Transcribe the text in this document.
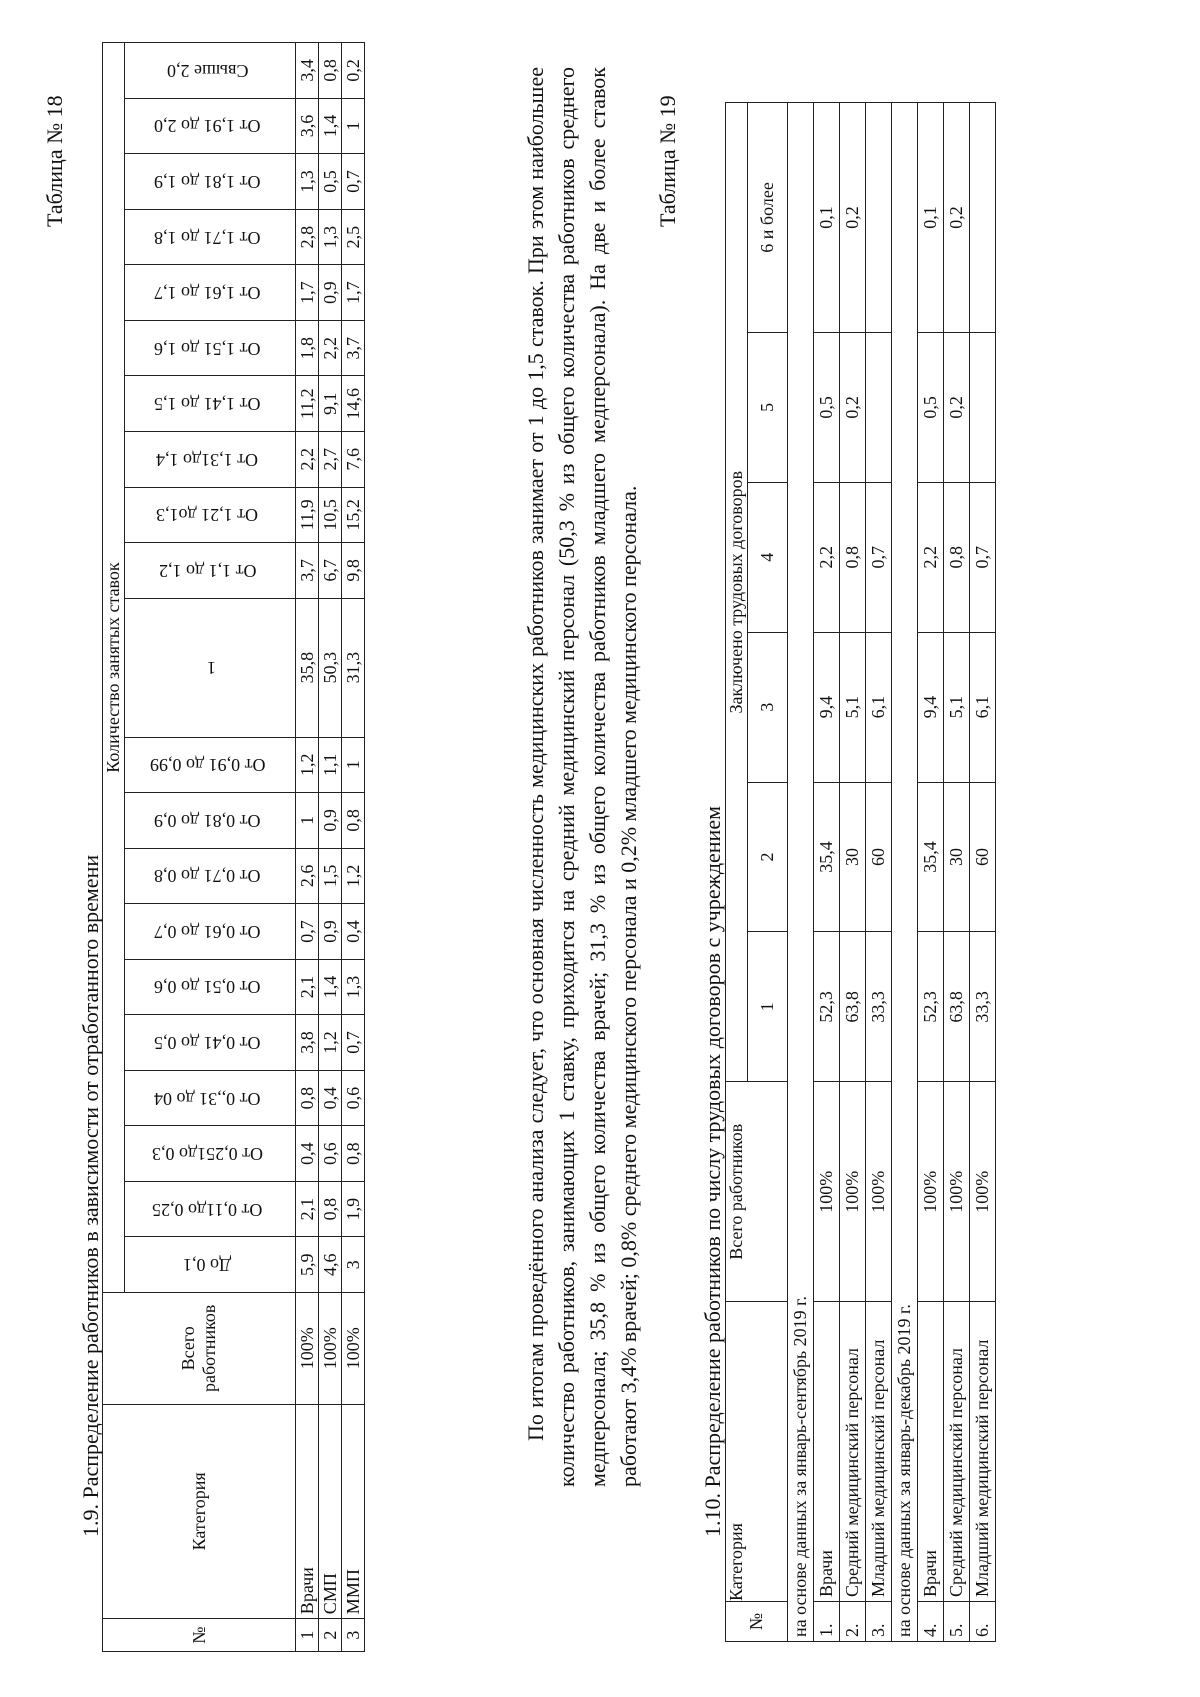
Таблица № 18
1.9. Распределение работников в зависимости от отработанного времени
№	Категория	Всего работников	Количество занятых ставок																				
			До 0,1	От 0,11до 0,25	От 0,251до 0,3	От 0,,31 до 04	От 0,41 до 0,5	От 0,51 до 0,6	От 0,61 до 0,7	От 0,71 до 0,8	От 0,81 до 0,9	От 0,91 до 0,99	1	От 1,1 до 1,2	От 1,21 до1,3	От 1,31до 1,4	От 1,41 до 1,5	От 1,51 до 1,6	От 1,61 до 1,7	От 1,71 до 1,8	От 1,81 до 1,9	От 1,91 до 2,0	Свыше 2,0
1	Врачи	100%	5,9	2,1	0,4	0,8	3,8	2,1	0,7	2,6	1	1,2	35,8	3,7	11,9	2,2	11,2	1,8	1,7	2,8	1,3	3,6	3,4
2	СМП	100%	4,6	0,8	0,6	0,4	1,2	1,4	0,9	1,5	0,9	1,1	50,3	6,7	10,5	2,7	9,1	2,2	0,9	1,3	0,5	1,4	0,8
3	ММП	100%	3	1,9	0,8	0,6	0,7	1,3	0,4	1,2	0,8	1	31,3	9,8	15,2	7,6	14,6	3,7	1,7	2,5	0,7	1	0,2	По итогам проведённого анализа следует, что основная численность медицинских работников занимает от 1 до 1,5 ставок. При этом наибольшее количество работников, занимающих 1 ставку, приходится на средний медицинский персонал (50,3 % из общего количества работников среднего медперсонала; 35,8 % из общего количества врачей; 31,3 % из общего количества работников младшего медперсонала). На две и более ставок работают 3,4% врачей; 0,8% среднего медицинского персонала и 0,2% младшего медицинского персонала.

Таблица № 19
1.10. Распределение работников по числу трудовых договоров с учреждением
№	Категория	Всего работников	Заключено трудовых договоров					
			1	2	3	4	5	6 и более
на основе данных за январь-сентябрь 2019 г.								
1.	Врачи	100%	52,3	35,4	9,4	2,2	0,5	0,1
2.	Средний медицинский персонал	100%	63,8	30	5,1	0,8	0,2	0,2
3.	Младший медицинский персонал	100%	33,3	60	6,1	0,7		
на основе данных за январь-декабрь 2019 г.								
4.	Врачи	100%	52,3	35,4	9,4	2,2	0,5	0,1
5.	Средний медицинский персонал	100%	63,8	30	5,1	0,8	0,2	0,2
6.	Младший медицинский персонал	100%	33,3	60	6,1	0,7		
